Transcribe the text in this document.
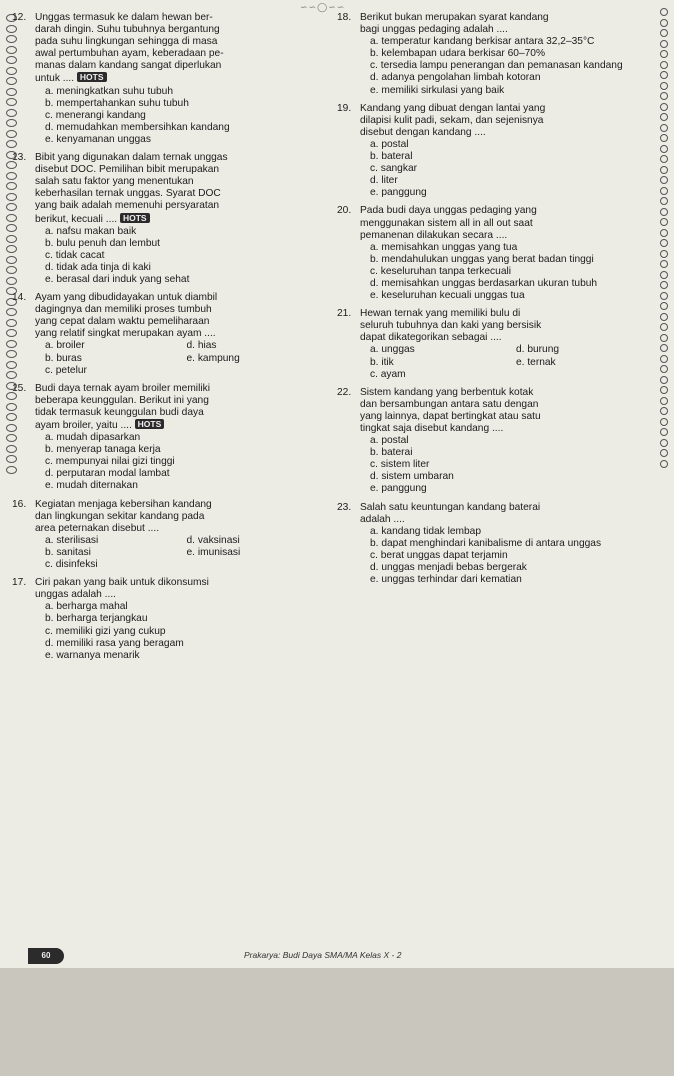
∽∽◯∽∽
12. Unggas termasuk ke dalam hewan ber-
darah dingin. Suhu tubuhnya bergantung
pada suhu lingkungan sehingga di masa
awal pertumbuhan ayam, keberadaan pe-
manas dalam kandang sangat diperlukan
untuk .... HOTS
a. meningkatkan suhu tubuh
b. mempertahankan suhu tubuh
c. menerangi kandang
d. memudahkan membersihkan kandang
e. kenyamanan unggas
13. Bibit yang digunakan dalam ternak unggas
disebut DOC. Pemilihan bibit merupakan
salah satu faktor yang menentukan
keberhasilan ternak unggas. Syarat DOC
yang baik adalah memenuhi persyaratan
berikut, kecuali .... HOTS
a. nafsu makan baik
b. bulu penuh dan lembut
c. tidak cacat
d. tidak ada tinja di kaki
e. berasal dari induk yang sehat
14. Ayam yang dibudidayakan untuk diambil
dagingnya dan memiliki proses tumbuh
yang cepat dalam waktu pemeliharaan
yang relatif singkat merupakan ayam ....
a. broiler	d. hias
b. buras	e. kampung
c. petelur
15. Budi daya ternak ayam broiler memiliki
beberapa keunggulan. Berikut ini yang
tidak termasuk keunggulan budi daya
ayam broiler, yaitu .... HOTS
a. mudah dipasarkan
b. menyerap tanaga kerja
c. mempunyai nilai gizi tinggi
d. perputaran modal lambat
e. mudah diternakan
16. Kegiatan menjaga kebersihan kandang
dan lingkungan sekitar kandang pada
area peternakan disebut ....
a. sterilisasi	d. vaksinasi
b. sanitasi	e. imunisasi
c. disinfeksi
17. Ciri pakan yang baik untuk dikonsumsi
unggas adalah ....
a. berharga mahal
b. berharga terjangkau
c. memiliki gizi yang cukup
d. memiliki rasa yang beragam
e. warnanya menarik
18. Berikut bukan merupakan syarat kandang
bagi unggas pedaging adalah ....
a. temperatur kandang berkisar antara 32,2–35°C
b. kelembapan udara berkisar 60–70%
c. tersedia lampu penerangan dan pemanasan kandang
d. adanya pengolahan limbah kotoran
e. memiliki sirkulasi yang baik
19. Kandang yang dibuat dengan lantai yang
dilapisi kulit padi, sekam, dan sejenisnya
disebut dengan kandang ....
a. postal
b. bateral
c. sangkar
d. liter
e. panggung
20. Pada budi daya unggas pedaging yang
menggunakan sistem all in all out saat
pemanenan dilakukan secara ....
a. memisahkan unggas yang tua
b. mendahulukan unggas yang berat badan tinggi
c. keseluruhan tanpa terkecuali
d. memisahkan unggas berdasarkan ukuran tubuh
e. keseluruhan kecuali unggas tua
21. Hewan ternak yang memiliki bulu di
seluruh tubuhnya dan kaki yang bersisik
dapat dikategorikan sebagai ....
a. unggas	d. burung
b. itik	e. ternak
c. ayam
22. Sistem kandang yang berbentuk kotak
dan bersambungan antara satu dengan
yang lainnya, dapat bertingkat atau satu
tingkat saja disebut kandang ....
a. postal
b. baterai
c. sistem liter
d. sistem umbaran
e. panggung
23. Salah satu keuntungan kandang baterai
adalah ....
a. kandang tidak lembap
b. dapat menghindari kanibalisme di antara unggas
c. berat unggas dapat terjamin
d. unggas menjadi bebas bergerak
e. unggas terhindar dari kematian
60	Prakarya: Budi Daya SMA/MA Kelas X - 2
